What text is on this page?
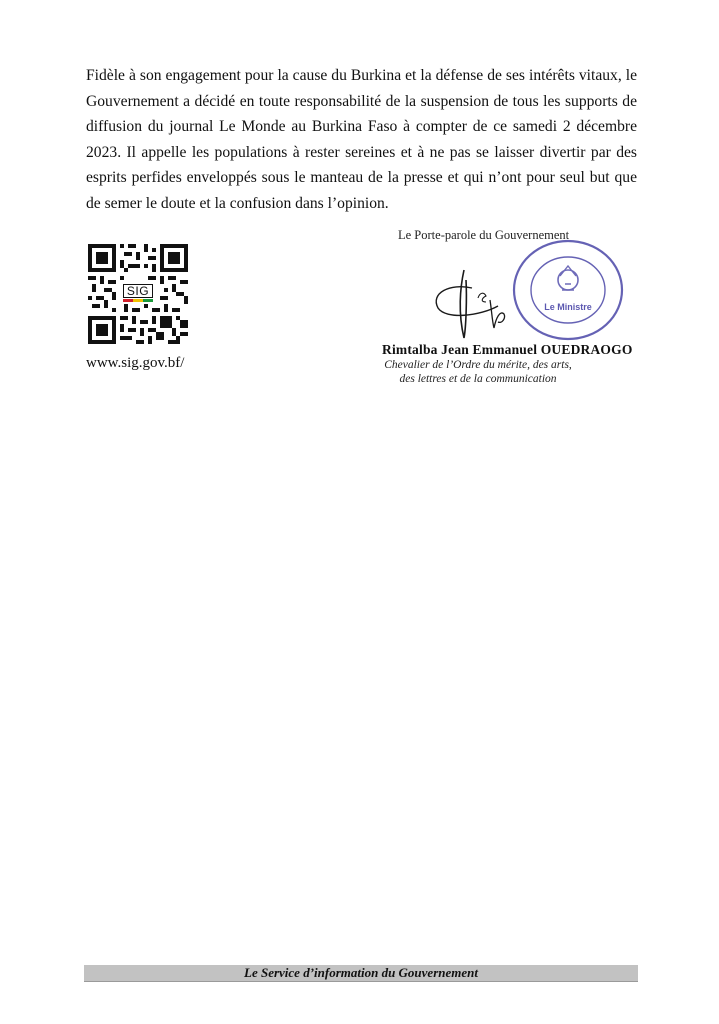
Fidèle à son engagement pour la cause du Burkina et la défense de ses intérêts vitaux, le Gouvernement a décidé en toute responsabilité de la suspension de tous les supports de diffusion du journal Le Monde au Burkina Faso à compter de ce samedi 2 décembre 2023. Il appelle les populations à rester sereines et à ne pas se laisser divertir par des esprits perfides enveloppés sous le manteau de la presse et qui n’ont pour seul but que de semer le doute et la confusion dans l’opinion.

SIG
www.sig.gov.bf/
Le Porte-parole du Gouvernement
Le Ministre
Rimtalba Jean Emmanuel OUEDRAOGO
Chevalier de l’Ordre du mérite, des arts,
des lettres et de la communication
Le Service d’information du Gouvernement
